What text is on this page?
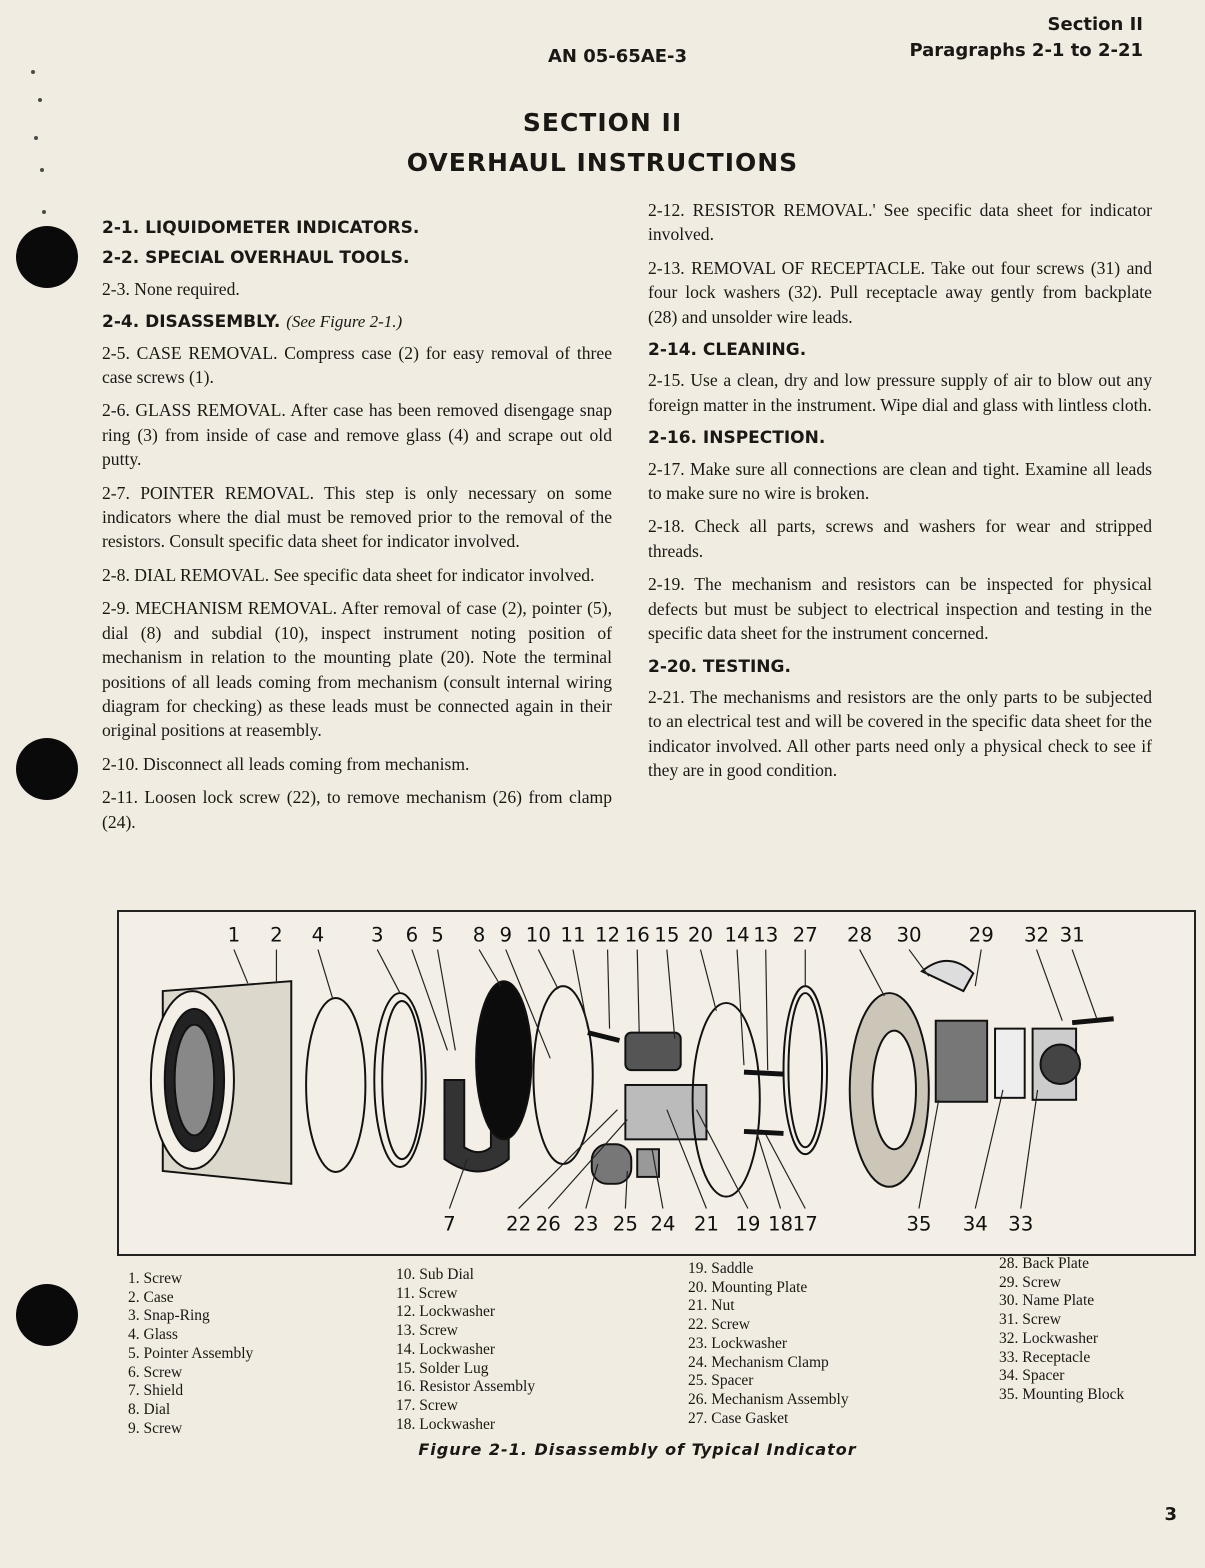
AN 05-65AE-3
Section II
Paragraphs 2-1 to 2-21
SECTION II
OVERHAUL INSTRUCTIONS
2-1. LIQUIDOMETER INDICATORS.
2-2. SPECIAL OVERHAUL TOOLS.

2-3. None required.

2-4. DISASSEMBLY. (See Figure 2-1.)

2-5. CASE REMOVAL. Compress case (2) for easy removal of three case screws (1).

2-6. GLASS REMOVAL. After case has been removed disengage snap ring (3) from inside of case and remove glass (4) and scrape out old putty.

2-7. POINTER REMOVAL. This step is only necessary on some indicators where the dial must be removed prior to the removal of the resistors. Consult specific data sheet for indicator involved.

2-8. DIAL REMOVAL. See specific data sheet for indicator involved.

2-9. MECHANISM REMOVAL. After removal of case (2), pointer (5), dial (8) and subdial (10), inspect instrument noting position of mechanism in relation to the mounting plate (20). Note the terminal positions of all leads coming from mechanism (consult internal wiring diagram for checking) as these leads must be connected again in their original positions at reasembly.

2-10. Disconnect all leads coming from mechanism.

2-11. Loosen lock screw (22), to remove mechanism (26) from clamp (24).

2-12. RESISTOR REMOVAL.' See specific data sheet for indicator involved.

2-13. REMOVAL OF RECEPTACLE. Take out four screws (31) and four lock washers (32). Pull receptacle away gently from backplate (28) and unsolder wire leads.

2-14. CLEANING.

2-15. Use a clean, dry and low pressure supply of air to blow out any foreign matter in the instrument. Wipe dial and glass with lintless cloth.

2-16. INSPECTION.

2-17. Make sure all connections are clean and tight. Examine all leads to make sure no wire is broken.

2-18. Check all parts, screws and washers for wear and stripped threads.

2-19. The mechanism and resistors can be inspected for physical defects but must be subject to electrical inspection and testing in the specific data sheet for the instrument concerned.

2-20. TESTING.

2-21. The mechanisms and resistors are the only parts to be subjected to an electrical test and will be covered in the specific data sheet for the indicator involved. All other parts need only a physical check to see if they are in good condition.

1 2 4 3 6 5 8 9 10 11 12 16 15 20 14 13 27 28 30 29 32 31
7	22 26 23 25 24 21 19 18 17	35 34 33
1. Screw
2. Case
3. Snap-Ring
4. Glass
5. Pointer Assembly
6. Screw
7. Shield
8. Dial
9. Screw
10. Sub Dial
11. Screw
12. Lockwasher
13. Screw
14. Lockwasher
15. Solder Lug
16. Resistor Assembly
17. Screw
18. Lockwasher
19. Saddle
20. Mounting Plate
21. Nut
22. Screw
23. Lockwasher
24. Mechanism Clamp
25. Spacer
26. Mechanism Assembly
27. Case Gasket
28. Back Plate
29. Screw
30. Name Plate
31. Screw
32. Lockwasher
33. Receptacle
34. Spacer
35. Mounting Block
Figure 2-1. Disassembly of Typical Indicator
3
